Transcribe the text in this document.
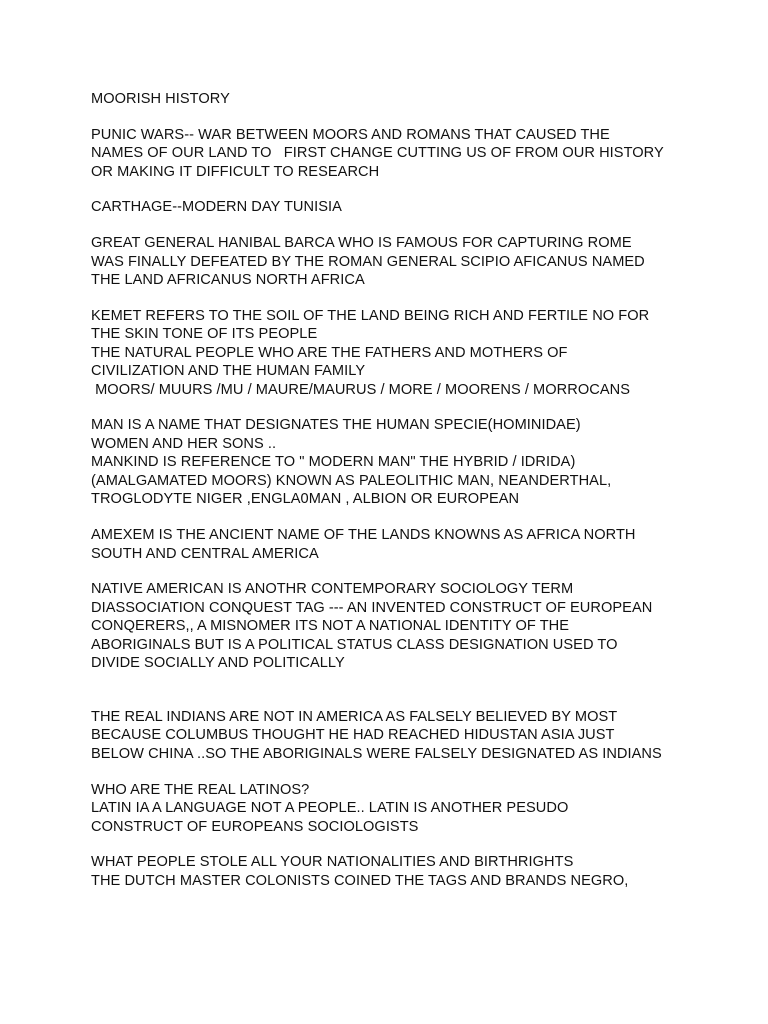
MOORISH HISTORY
PUNIC WARS-- WAR BETWEEN MOORS AND ROMANS THAT CAUSED THE
NAMES OF OUR LAND TO   FIRST CHANGE CUTTING US OF FROM OUR HISTORY
OR MAKING IT DIFFICULT TO RESEARCH
CARTHAGE--MODERN DAY TUNISIA
GREAT GENERAL HANIBAL BARCA WHO IS FAMOUS FOR CAPTURING ROME
WAS FINALLY DEFEATED BY THE ROMAN GENERAL SCIPIO AFICANUS NAMED
THE LAND AFRICANUS NORTH AFRICA
KEMET REFERS TO THE SOIL OF THE LAND BEING RICH AND FERTILE NO FOR
THE SKIN TONE OF ITS PEOPLE
THE NATURAL PEOPLE WHO ARE THE FATHERS AND MOTHERS OF
CIVILIZATION AND THE HUMAN FAMILY
MOORS/ MUURS /MU / MAURE/MAURUS / MORE / MOORENS / MORROCANS
MAN IS A NAME THAT DESIGNATES THE HUMAN SPECIE(HOMINIDAE)
WOMEN AND HER SONS ..
MANKIND IS REFERENCE TO " MODERN MAN" THE HYBRID / IDRIDA)
(AMALGAMATED MOORS) KNOWN AS PALEOLITHIC MAN, NEANDERTHAL,
TROGLODYTE NIGER ,ENGLA0MAN , ALBION OR EUROPEAN
AMEXEM IS THE ANCIENT NAME OF THE LANDS KNOWNS AS AFRICA NORTH
SOUTH AND CENTRAL AMERICA
NATIVE AMERICAN IS ANOTHR CONTEMPORARY SOCIOLOGY TERM
DIASSOCIATION CONQUEST TAG --- AN INVENTED CONSTRUCT OF EUROPEAN
CONQERERS,, A MISNOMER ITS NOT A NATIONAL IDENTITY OF THE
ABORIGINALS BUT IS A POLITICAL STATUS CLASS DESIGNATION USED TO
DIVIDE SOCIALLY AND POLITICALLY
THE REAL INDIANS ARE NOT IN AMERICA AS FALSELY BELIEVED BY MOST
BECAUSE COLUMBUS THOUGHT HE HAD REACHED HIDUSTAN ASIA JUST
BELOW CHINA ..SO THE ABORIGINALS WERE FALSELY DESIGNATED AS INDIANS
WHO ARE THE REAL LATINOS?
LATIN IA A LANGUAGE NOT A PEOPLE.. LATIN IS ANOTHER PESUDO
CONSTRUCT OF EUROPEANS SOCIOLOGISTS
WHAT PEOPLE STOLE ALL YOUR NATIONALITIES AND BIRTHRIGHTS
THE DUTCH MASTER COLONISTS COINED THE TAGS AND BRANDS NEGRO,
